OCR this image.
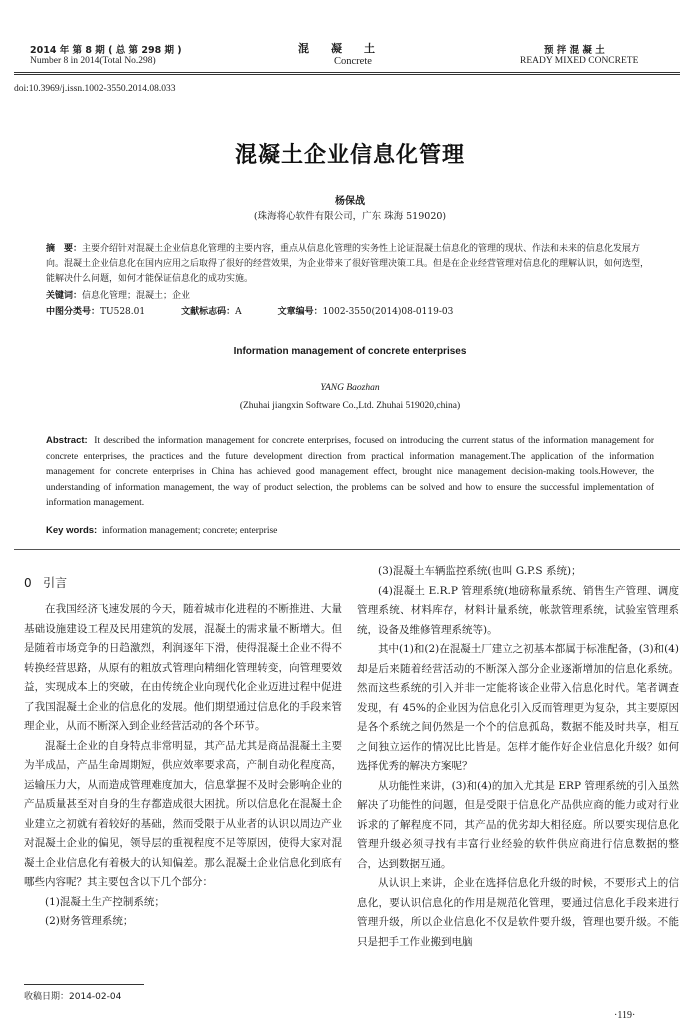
2014 年 第 8 期 ( 总 第 298 期 )
Number 8 in 2014(Total No.298)
混　　凝　　土
Concrete
预 拌 混 凝 土
READY MIXED CONCRETE
doi:10.3969/j.issn.1002-3550.2014.08.033
混凝土企业信息化管理
杨保战
(珠海将心软件有限公司，广东 珠海 519020)
摘　要：主要介绍针对混凝土企业信息化管理的主要内容，重点从信息化管理的实务性上论证混凝土信息化的管理的现状、作法和未来的信息化发展方向。混凝土企业信息化在国内应用之后取得了很好的经营效果，为企业带来了很好管理决策工具。但是在企业经营管理对信息化的理解认识，如何选型，能解决什么问题，如何才能保证信息化的成功实施。
关键词：信息化管理；混凝土；企业
中图分类号：TU528.01	文献标志码：A	文章编号：1002-3550(2014)08-0119-03
Information management of concrete enterprises
YANG Baozhan
(Zhuhai jiangxin Software Co.,Ltd. Zhuhai 519020,china)
Abstract: It described the information management for concrete enterprises, focused on introducing the current status of the information management for concrete enterprises, the practices and the future development direction from practical information management.The application of the information management for concrete enterprises in China has achieved good management effect, brought nice management decision-making tools.However, the understanding of information management, the way of product selection, the problems can be solved and how to ensure the successful implementation of information management.
Key words: information management; concrete; enterprise
0 引言

在我国经济飞速发展的今天，随着城市化进程的不断推进、大量基础设施建设工程及民用建筑的发展，混凝土的需求量不断增大。但是随着市场竞争的日趋激烈，利润逐年下滑，使得混凝土企业不得不转换经营思路，从原有的粗放式管理向精细化管理转变，向管理要效益，实现成本上的突破，在由传统企业向现代化企业迈进过程中促进了我国混凝土企业的信息化的发展。他们期望通过信息化的手段来管理企业，从而不断深入到企业经营活动的各个环节。

混凝土企业的自身特点非常明显，其产品尤其是商品混凝土主要为半成品，产品生命周期短，供应效率要求高，产制自动化程度高，运输压力大，从而造成管理难度加大，信息掌握不及时会影响企业的产品质量甚至对自身的生存都造成很大困扰。所以信息化在混凝土企业建立之初就有着较好的基础，然而受限于从业者的认识以周边产业对混凝土企业的偏见，领导层的重视程度不足等原因，使得大家对混凝土企业信息化有着极大的认知偏差。那么混凝土企业信息化到底有哪些内容呢？其主要包含以下几个部分：

(1)混凝土生产控制系统；

(2)财务管理系统；

收稿日期：2014-02-04

(3)混凝土车辆监控系统(也叫 G.P.S 系统)；

(4)混凝土 E.R.P 管理系统(地磅称量系统、销售生产管理、调度管理系统、材料库存，材料计量系统，帐款管理系统，试验室管理系统，设备及维修管理系统等)。

其中(1)和(2)在混凝土厂建立之初基本都属于标准配备，(3)和(4)却是后来随着经营活动的不断深入部分企业逐渐增加的信息化系统。然而这些系统的引入并非一定能将该企业带入信息化时代。笔者调查发现，有 45%的企业因为信息化引入反而管理更为复杂，其主要原因是各个系统之间仍然是一个个的信息孤岛，数据不能及时共享，相互之间独立运作的情况比比皆是。怎样才能作好企业信息化升级？如何选择优秀的解决方案呢？

从功能性来讲，(3)和(4)的加入尤其是 ERP 管理系统的引入虽然解决了功能性的问题，但是受限于信息化产品供应商的能力或对行业诉求的了解程度不同，其产品的优劣却大相径庭。所以要实现信息化管理升级必须寻找有丰富行业经验的软件供应商进行信息数据的整合，达到数据互通。

从认识上来讲，企业在选择信息化升级的时候，不要形式上的信息化，要认识信息化的作用是规范化管理，要通过信息化手段来进行管理升级，所以企业信息化不仅是软件要升级，管理也要升级。不能只是把手工作业搬到电脑

·119·
